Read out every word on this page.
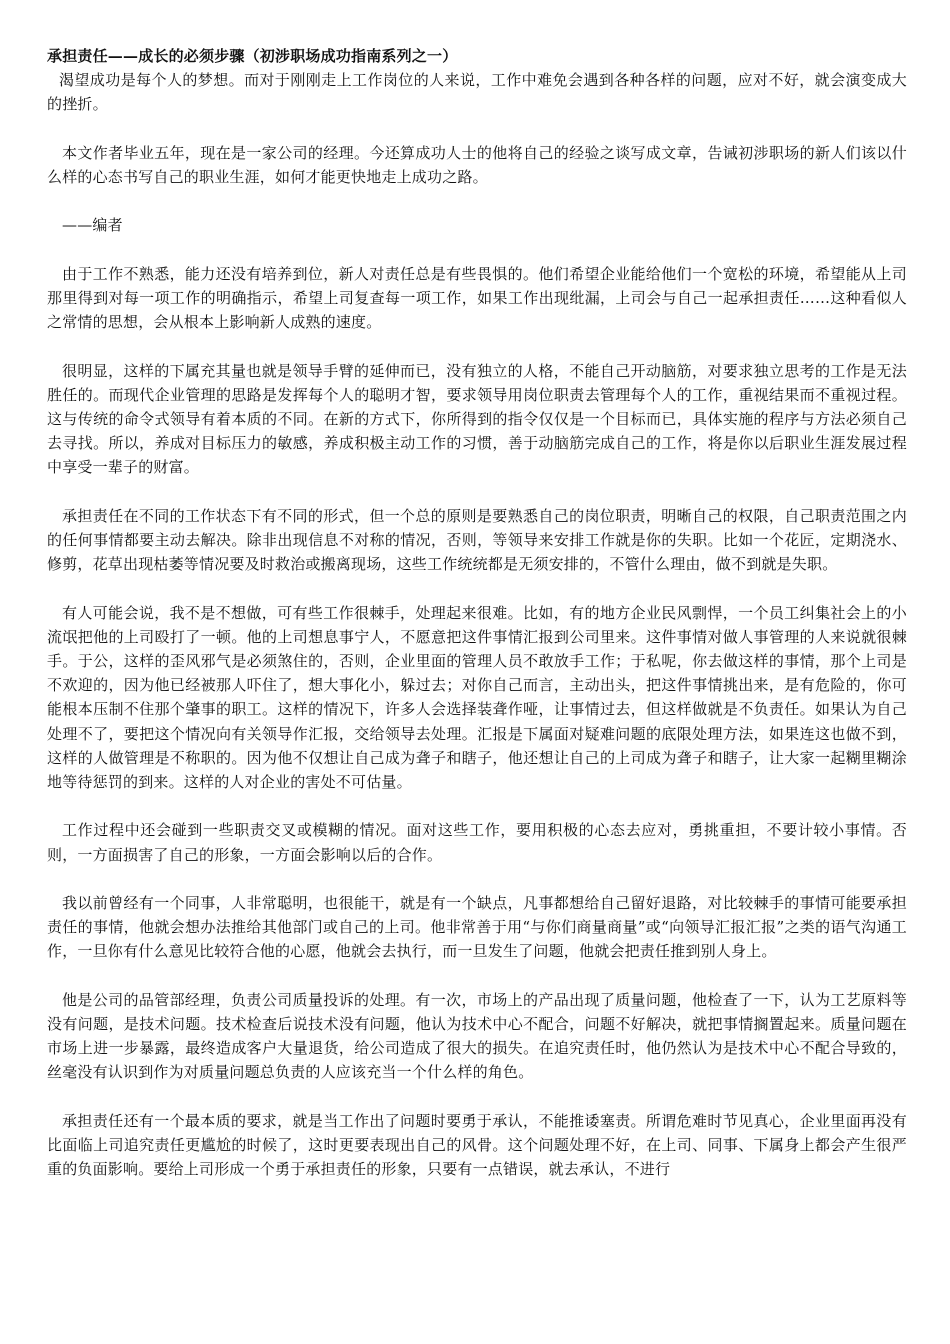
承担责任——成长的必须步骤（初涉职场成功指南系列之一）

渴望成功是每个人的梦想。而对于刚刚走上工作岗位的人来说，工作中难免会遇到各种各样的问题，应对不好，就会演变成大的挫折。

本文作者毕业五年，现在是一家公司的经理。今还算成功人士的他将自己的经验之谈写成文章，告诫初涉职场的新人们该以什么样的心态书写自己的职业生涯，如何才能更快地走上成功之路。

——编者

由于工作不熟悉，能力还没有培养到位，新人对责任总是有些畏惧的。他们希望企业能给他们一个宽松的环境，希望能从上司那里得到对每一项工作的明确指示，希望上司复查每一项工作，如果工作出现纰漏，上司会与自己一起承担责任……这种看似人之常情的思想，会从根本上影响新人成熟的速度。

很明显，这样的下属充其量也就是领导手臂的延伸而已，没有独立的人格，不能自己开动脑筋，对要求独立思考的工作是无法胜任的。而现代企业管理的思路是发挥每个人的聪明才智，要求领导用岗位职责去管理每个人的工作，重视结果而不重视过程。这与传统的命令式领导有着本质的不同。在新的方式下，你所得到的指令仅仅是一个目标而已，具体实施的程序与方法必须自己去寻找。所以，养成对目标压力的敏感，养成积极主动工作的习惯，善于动脑筋完成自己的工作，将是你以后职业生涯发展过程中享受一辈子的财富。

承担责任在不同的工作状态下有不同的形式，但一个总的原则是要熟悉自己的岗位职责，明晰自己的权限，自己职责范围之内的任何事情都要主动去解决。除非出现信息不对称的情况，否则，等领导来安排工作就是你的失职。比如一个花匠，定期浇水、修剪，花草出现枯萎等情况要及时救治或搬离现场，这些工作统统都是无须安排的，不管什么理由，做不到就是失职。

有人可能会说，我不是不想做，可有些工作很棘手，处理起来很难。比如，有的地方企业民风剽悍，一个员工纠集社会上的小流氓把他的上司殴打了一顿。他的上司想息事宁人，不愿意把这件事情汇报到公司里来。这件事情对做人事管理的人来说就很棘手。于公，这样的歪风邪气是必须煞住的，否则，企业里面的管理人员不敢放手工作；于私呢，你去做这样的事情，那个上司是不欢迎的，因为他已经被那人吓住了，想大事化小，躲过去；对你自己而言，主动出头，把这件事情挑出来，是有危险的，你可能根本压制不住那个肇事的职工。这样的情况下，许多人会选择装聋作哑，让事情过去，但这样做就是不负责任。如果认为自己处理不了，要把这个情况向有关领导作汇报，交给领导去处理。汇报是下属面对疑难问题的底限处理方法，如果连这也做不到，这样的人做管理是不称职的。因为他不仅想让自己成为聋子和瞎子，他还想让自己的上司成为聋子和瞎子，让大家一起糊里糊涂地等待惩罚的到来。这样的人对企业的害处不可估量。

工作过程中还会碰到一些职责交叉或模糊的情况。面对这些工作，要用积极的心态去应对，勇挑重担，不要计较小事情。否则，一方面损害了自己的形象，一方面会影响以后的合作。

我以前曾经有一个同事，人非常聪明，也很能干，就是有一个缺点，凡事都想给自己留好退路，对比较棘手的事情可能要承担责任的事情，他就会想办法推给其他部门或自己的上司。他非常善于用“与你们商量商量”或“向领导汇报汇报”之类的语气沟通工作，一旦你有什么意见比较符合他的心愿，他就会去执行，而一旦发生了问题，他就会把责任推到别人身上。

他是公司的品管部经理，负责公司质量投诉的处理。有一次，市场上的产品出现了质量问题，他检查了一下，认为工艺原料等没有问题，是技术问题。技术检查后说技术没有问题，他认为技术中心不配合，问题不好解决，就把事情搁置起来。质量问题在市场上进一步暴露，最终造成客户大量退货，给公司造成了很大的损失。在追究责任时，他仍然认为是技术中心不配合导致的，丝毫没有认识到作为对质量问题总负责的人应该充当一个什么样的角色。

承担责任还有一个最本质的要求，就是当工作出了问题时要勇于承认，不能推诿塞责。所谓危难时节见真心，企业里面再没有比面临上司追究责任更尴尬的时候了，这时更要表现出自己的风骨。这个问题处理不好，在上司、同事、下属身上都会产生很严重的负面影响。要给上司形成一个勇于承担责任的形象，只要有一点错误，就去承认，不进行
